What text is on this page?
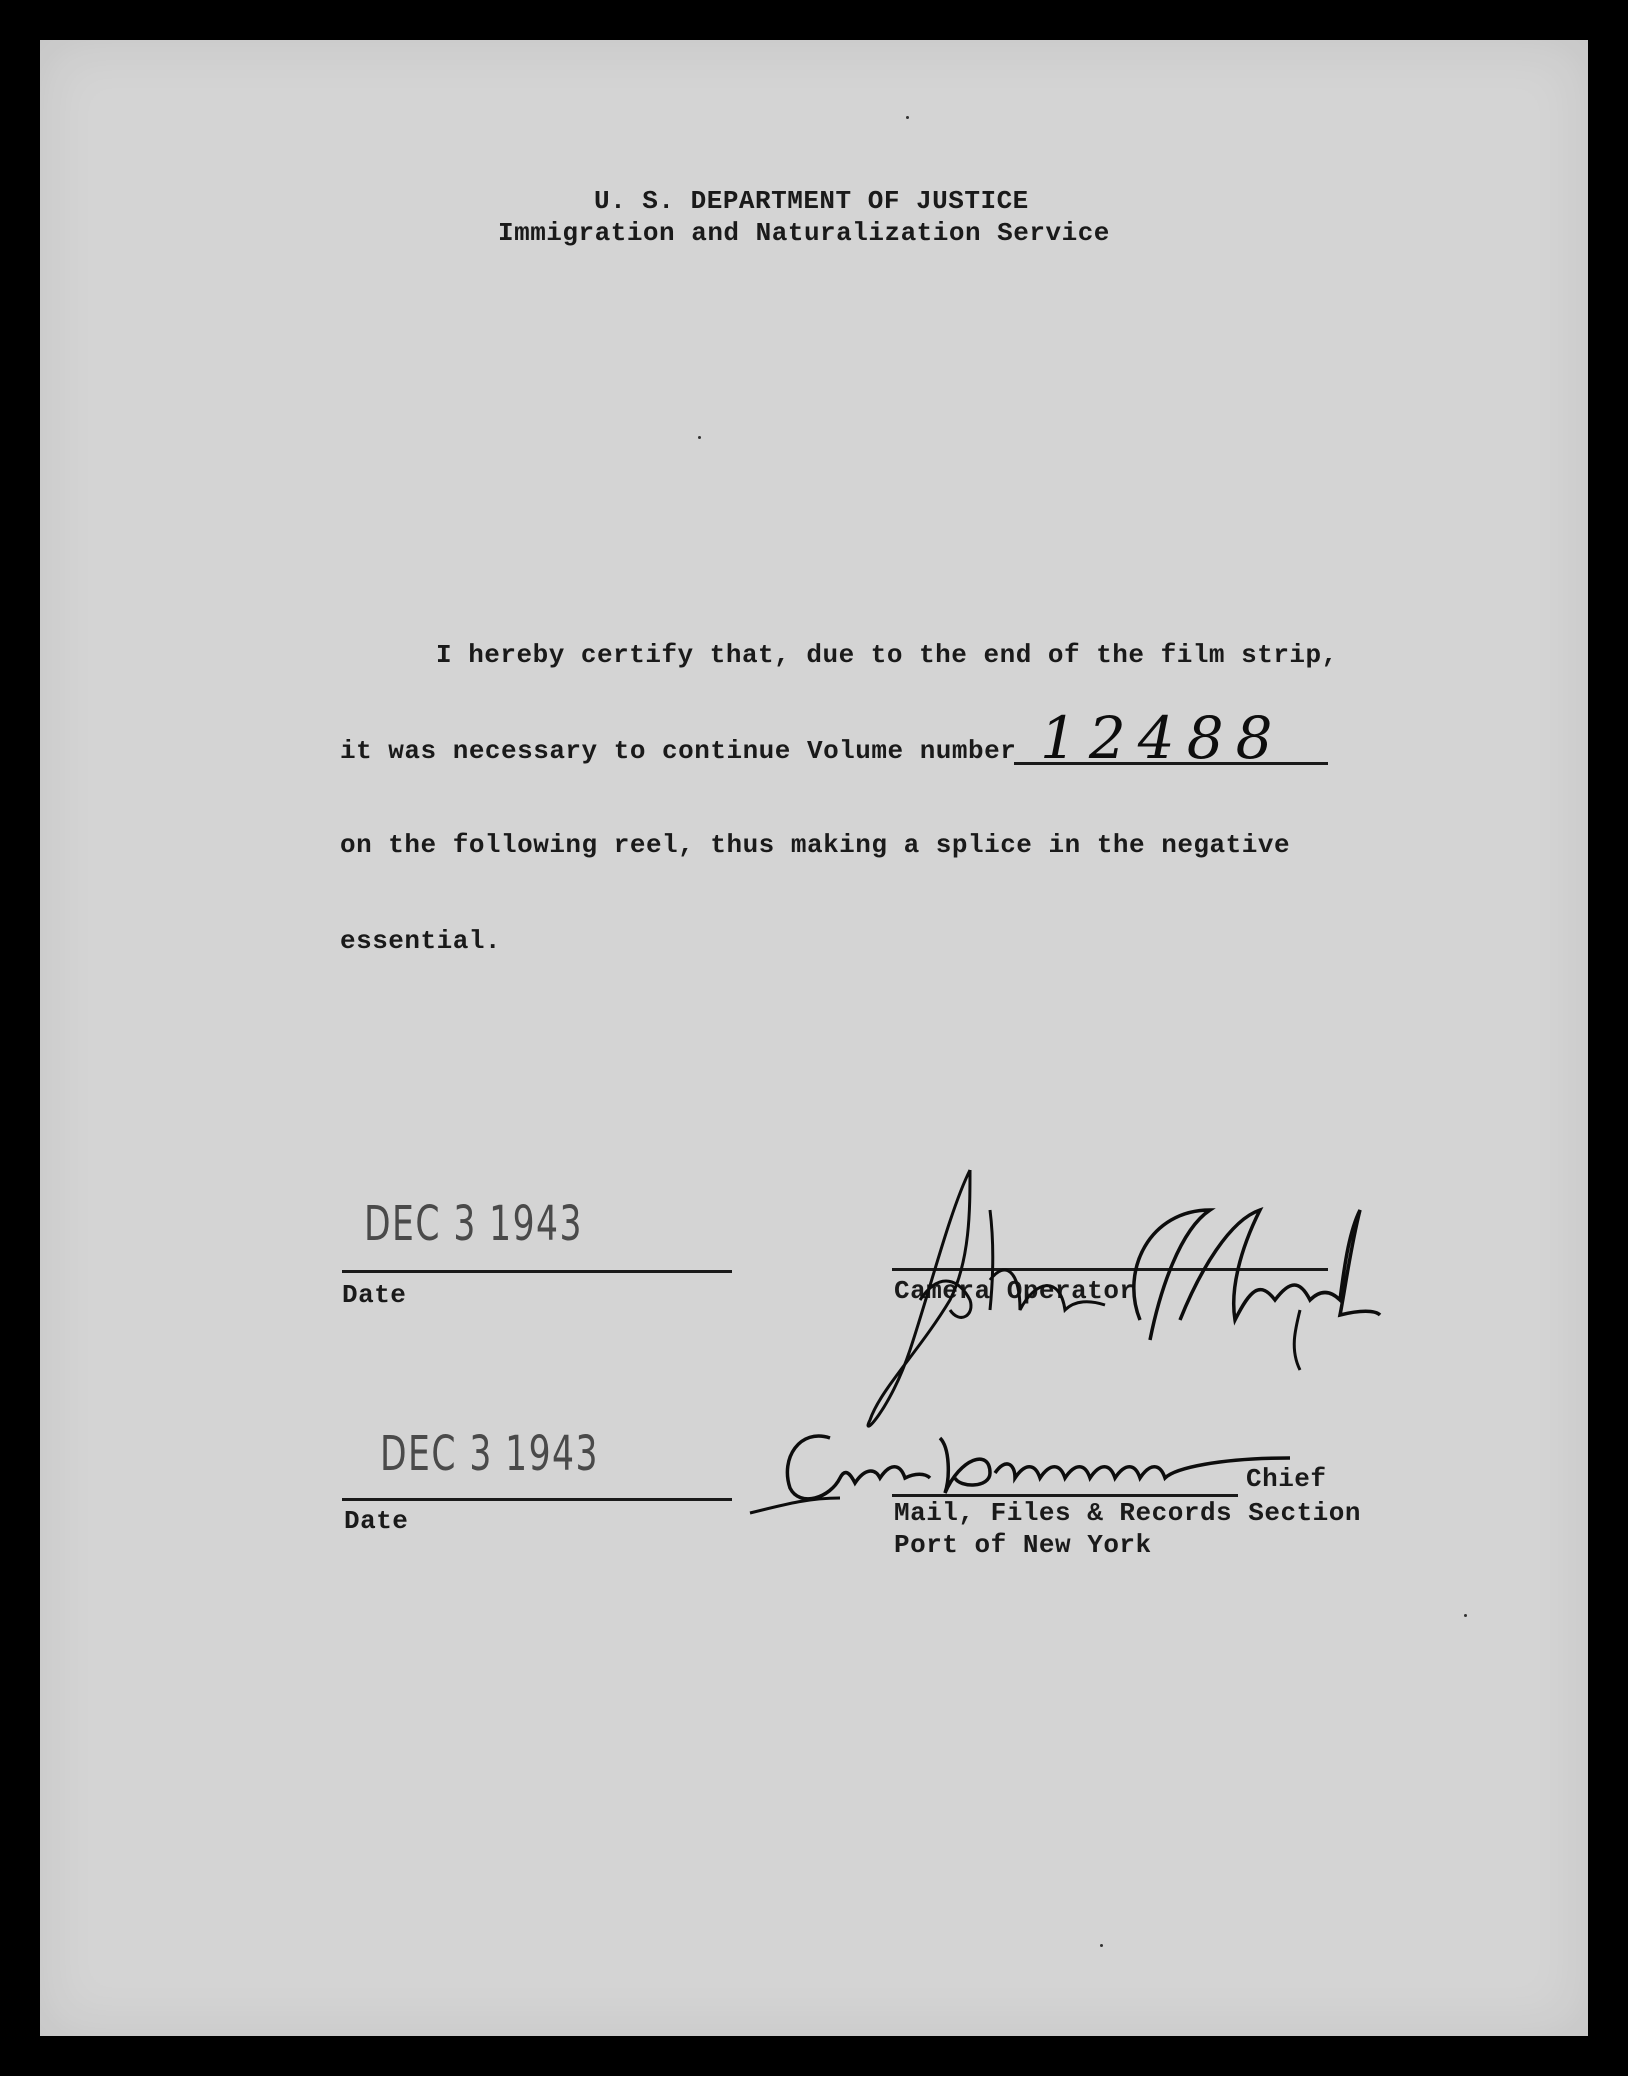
U. S. DEPARTMENT OF JUSTICE
Immigration and Naturalization Service
I hereby certify that, due to the end of the film strip,
it was necessary to continue Volume number 12488
on the following reel, thus making a splice in the negative
essential.
DEC 3 1943
Date	Camera Operator
DEC 3 1943
Date
Chief
Mail, Files & Records Section
Port of New York
